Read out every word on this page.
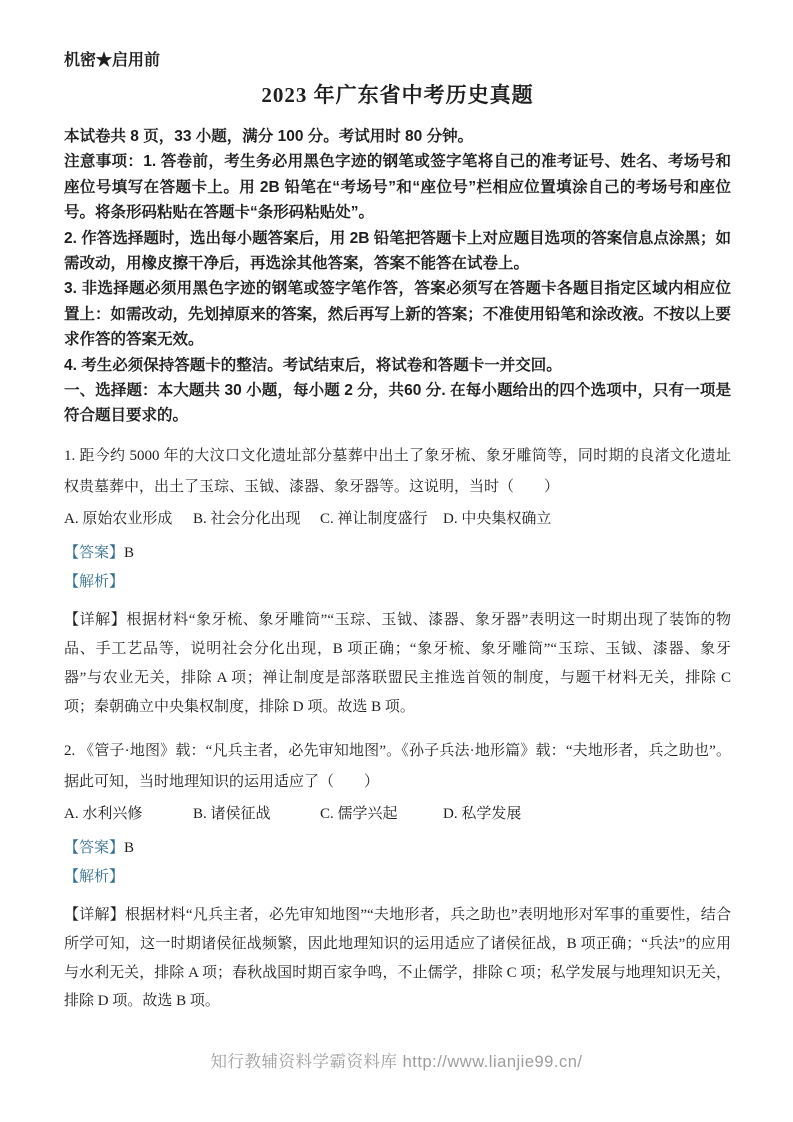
机密★启用前

2023 年广东省中考历史真题

本试卷共 8 页，33 小题，满分 100 分。考试用时 80 分钟。

注意事项：1. 答卷前，考生务必用黑色字迹的钢笔或签字笔将自己的准考证号、姓名、考场号和座位号填写在答题卡上。用 2B 铅笔在“考场号”和“座位号”栏相应位置填涂自己的考场号和座位号。将条形码粘贴在答题卡“条形码粘贴处”。

2. 作答选择题时，选出每小题答案后，用 2B 铅笔把答题卡上对应题目选项的答案信息点涂黑；如需改动，用橡皮擦干净后，再选涂其他答案，答案不能答在试卷上。

3. 非选择题必须用黑色字迹的钢笔或签字笔作答，答案必须写在答题卡各题目指定区域内相应位置上：如需改动，先划掉原来的答案，然后再写上新的答案；不准使用铅笔和涂改液。不按以上要求作答的答案无效。

4. 考生必须保持答题卡的整洁。考试结束后，将试卷和答题卡一并交回。

一、选择题：本大题共 30 小题，每小题 2 分，共60 分. 在每小题给出的四个选项中，只有一项是符合题目要求的。

1. 距今约 5000 年的大汶口文化遗址部分墓葬中出土了象牙梳、象牙雕筒等，同时期的良渚文化遗址权贵墓葬中，出土了玉琮、玉钺、漆器、象牙器等。这说明，当时（　　）

A. 原始农业形成	B. 社会分化出现	C. 禅让制度盛行	D. 中央集权确立

【答案】B

【解析】

【详解】根据材料“象牙梳、象牙雕筒”“玉琮、玉钺、漆器、象牙器”表明这一时期出现了装饰的物品、手工艺品等，说明社会分化出现，B 项正确；“象牙梳、象牙雕筒”“玉琮、玉钺、漆器、象牙器”与农业无关，排除 A 项；禅让制度是部落联盟民主推选首领的制度，与题干材料无关，排除 C 项；秦朝确立中央集权制度，排除 D 项。故选 B 项。

2. 《管子·地图》载：“凡兵主者，必先审知地图”。《孙子兵法·地形篇》载：“夫地形者，兵之助也”。据此可知，当时地理知识的运用适应了（　　）

A. 水利兴修	B. 诸侯征战	C. 儒学兴起	D. 私学发展

【答案】B

【解析】

【详解】根据材料“凡兵主者，必先审知地图”“夫地形者，兵之助也”表明地形对军事的重要性，结合所学可知，这一时期诸侯征战频繁，因此地理知识的运用适应了诸侯征战，B 项正确；“兵法”的应用与水利无关，排除 A 项；春秋战国时期百家争鸣，不止儒学，排除 C 项；私学发展与地理知识无关，排除 D 项。故选 B 项。

知行教辅资料学霸资料库 http://www.lianjie99.cn/
